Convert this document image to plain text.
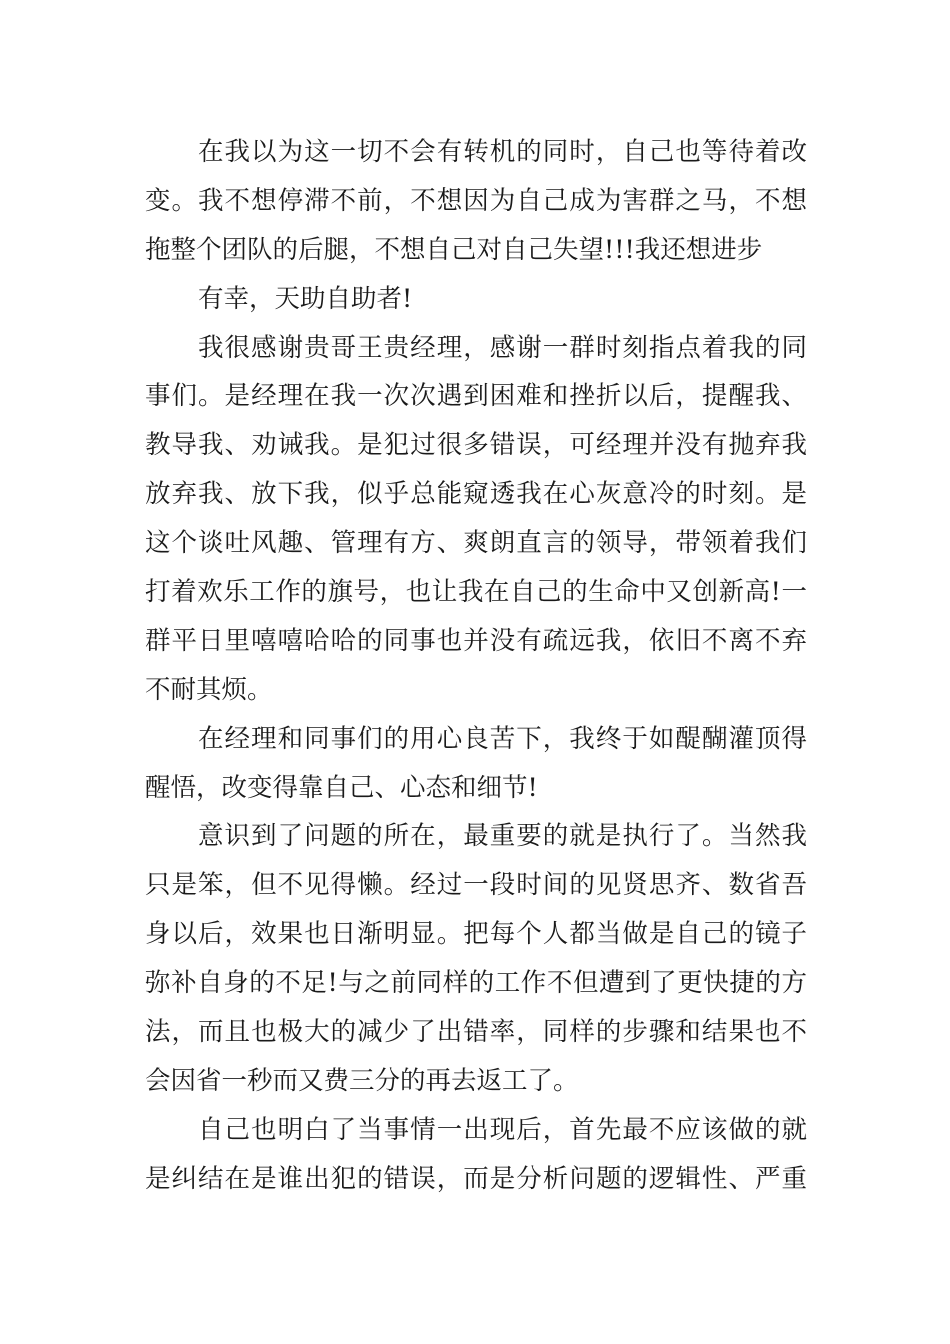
在我以为这一切不会有转机的同时，自己也等待着改
变。我不想停滞不前，不想因为自己成为害群之马，不想
拖整个团队的后腿，不想自己对自己失望!!!我还想进步
有幸，天助自助者!
我很感谢贵哥王贵经理，感谢一群时刻指点着我的同
事们。是经理在我一次次遇到困难和挫折以后，提醒我、
教导我、劝诫我。是犯过很多错误，可经理并没有抛弃我
放弃我、放下我，似乎总能窥透我在心灰意冷的时刻。是
这个谈吐风趣、管理有方、爽朗直言的领导，带领着我们
打着欢乐工作的旗号，也让我在自己的生命中又创新高!一
群平日里嘻嘻哈哈的同事也并没有疏远我，依旧不离不弃
不耐其烦。
在经理和同事们的用心良苦下，我终于如醍醐灌顶得
醒悟，改变得靠自己、心态和细节!
意识到了问题的所在，最重要的就是执行了。当然我
只是笨，但不见得懒。经过一段时间的见贤思齐、数省吾
身以后，效果也日渐明显。把每个人都当做是自己的镜子
弥补自身的不足!与之前同样的工作不但遭到了更快捷的方
法，而且也极大的减少了出错率，同样的步骤和结果也不
会因省一秒而又费三分的再去返工了。
自己也明白了当事情一出现后，首先最不应该做的就
是纠结在是谁出犯的错误，而是分析问题的逻辑性、严重
